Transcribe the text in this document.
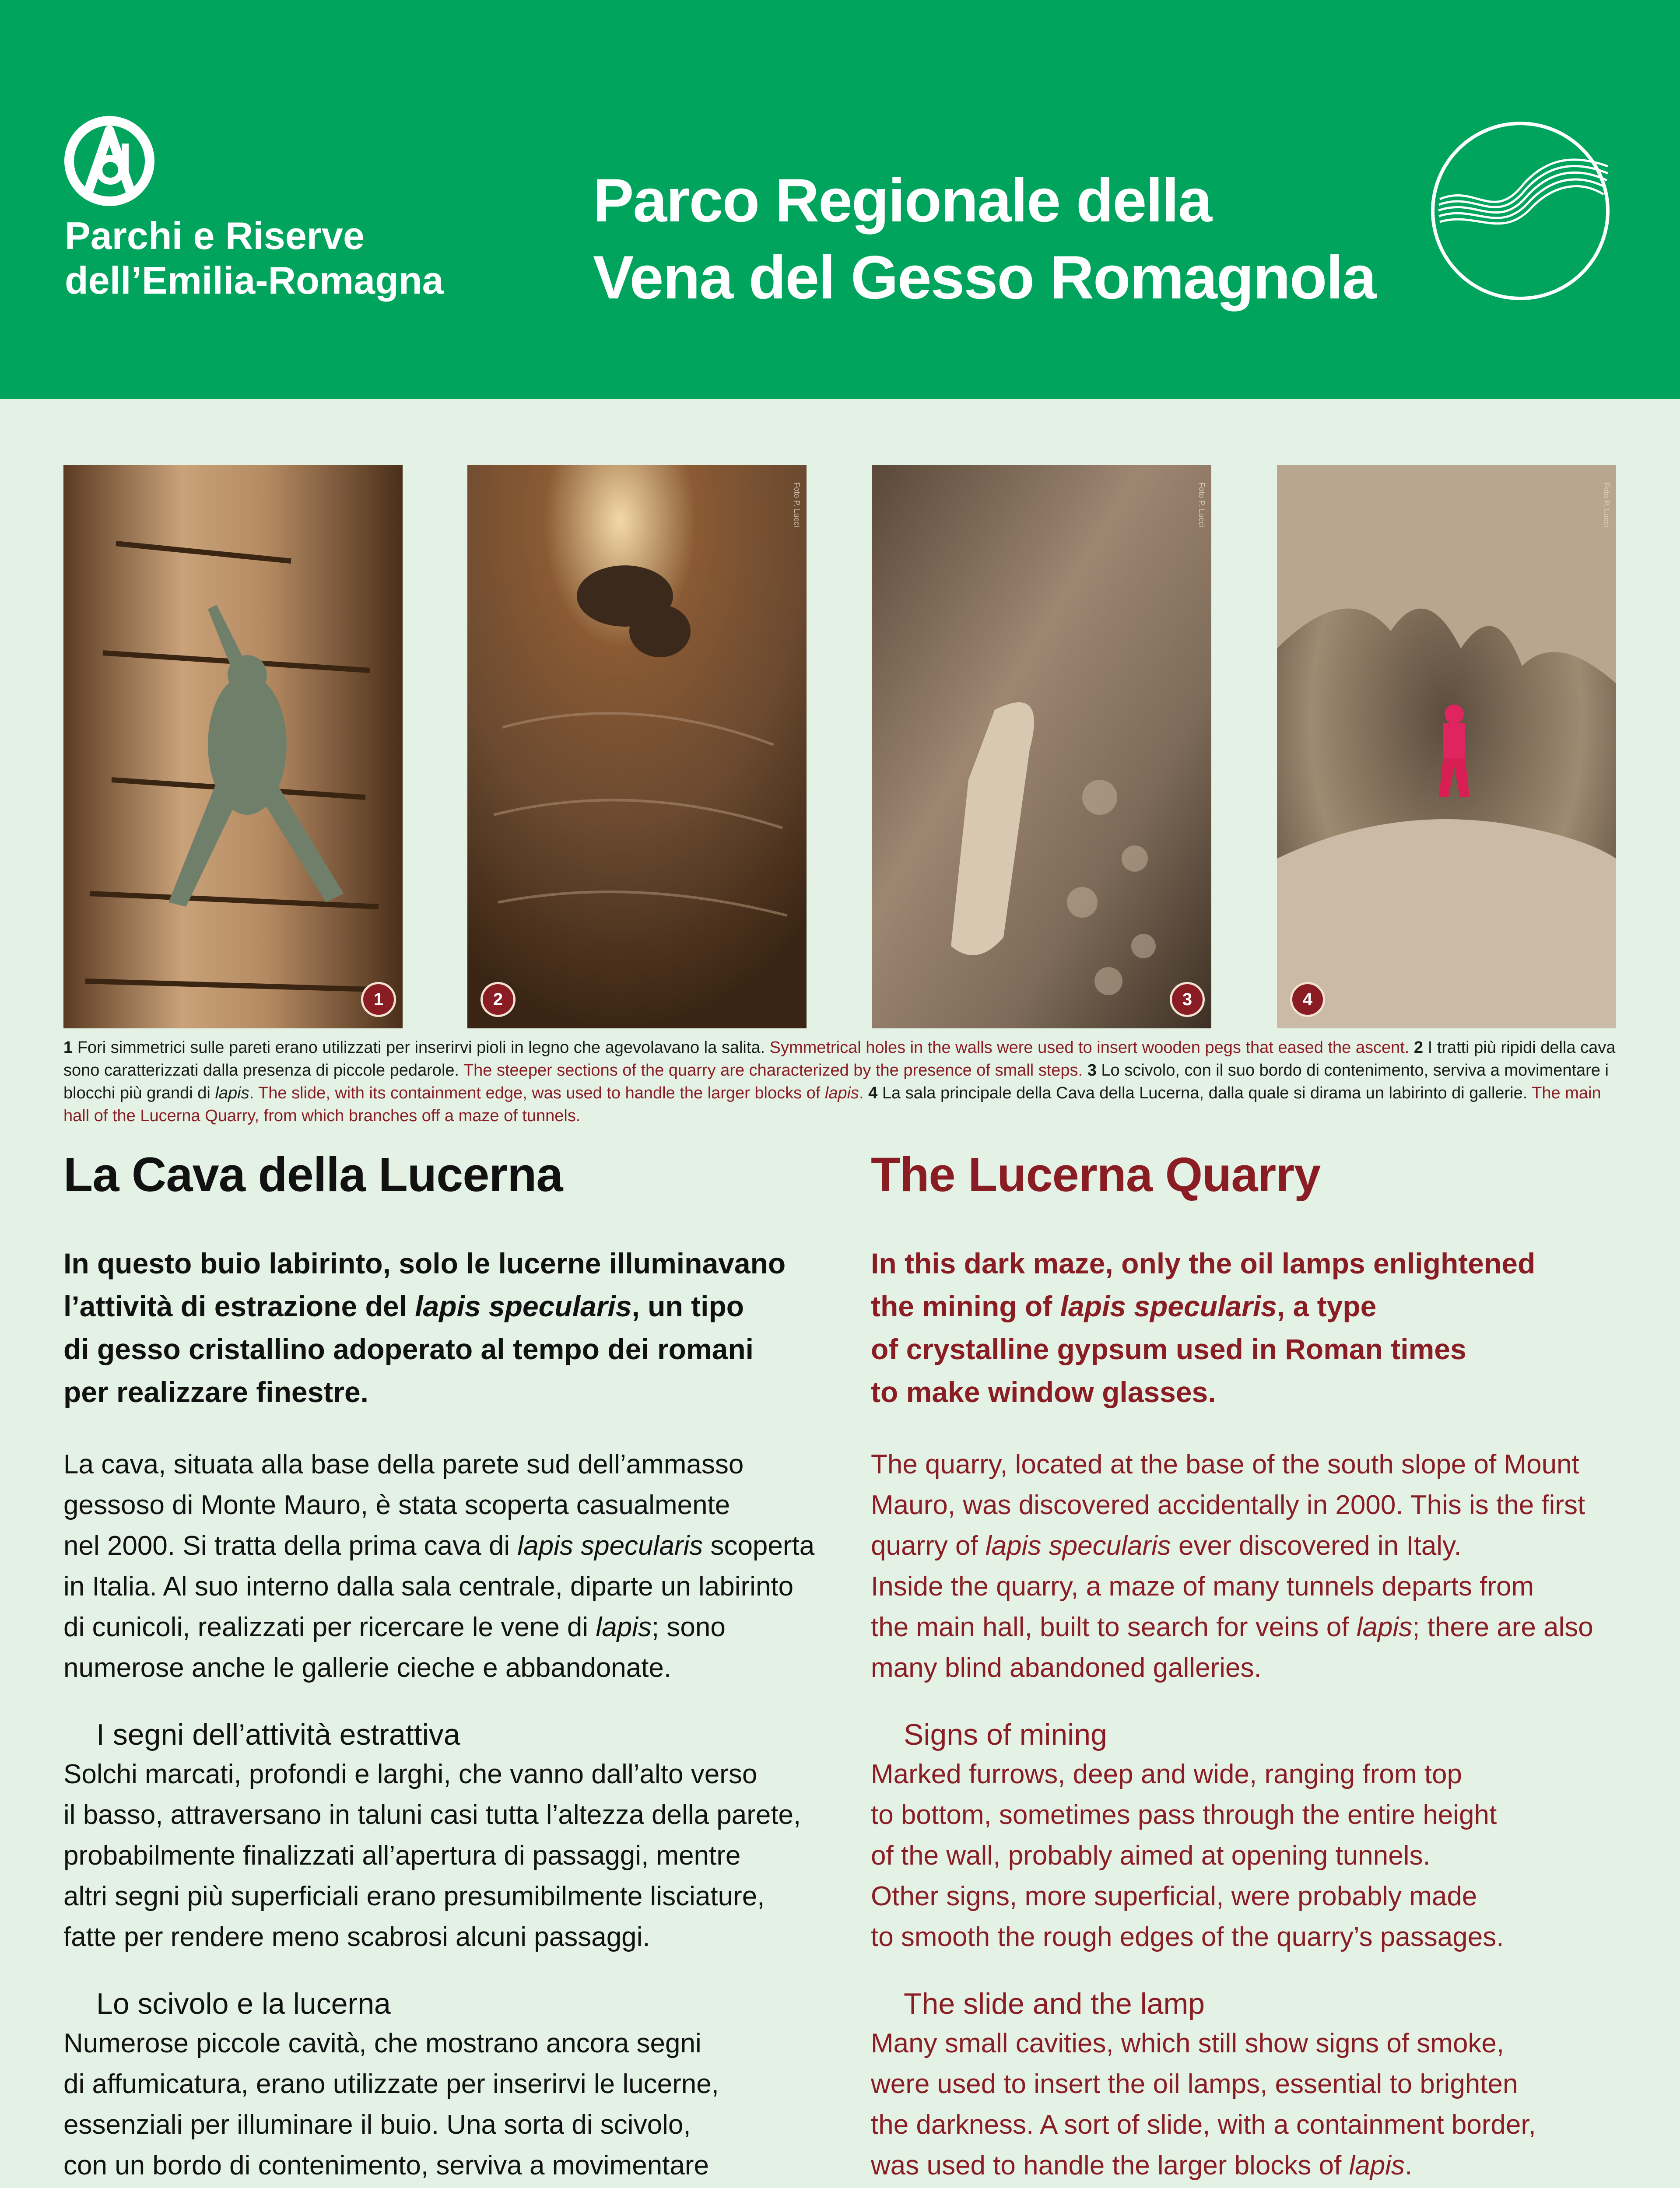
Parchi e Riserve
dell’Emilia-Romagna
Parco Regionale della
Vena del Gesso Romagnola
1
Foto P. Lucci
2
Foto P. Lucci
3
Foto P. Lucci
4
1 Fori simmetrici sulle pareti erano utilizzati per inserirvi pioli in legno che agevolavano la salita. Symmetrical holes in the walls were used to insert wooden pegs that eased the ascent. 2 I tratti più ripidi della cava sono caratterizzati dalla presenza di piccole pedarole. The steeper sections of the quarry are characterized by the presence of small steps. 3 Lo scivolo, con il suo bordo di contenimento, serviva a movimentare i blocchi più grandi di lapis. The slide, with its containment edge, was used to handle the larger blocks of lapis. 4 La sala principale della Cava della Lucerna, dalla quale si dirama un labirinto di gallerie. The main hall of the Lucerna Quarry, from which branches off a maze of tunnels.
La Cava della Lucerna
In questo buio labirinto, solo le lucerne illuminavano
l’attività di estrazione del lapis specularis, un tipo
di gesso cristallino adoperato al tempo dei romani
per realizzare finestre.
La cava, situata alla base della parete sud dell’ammasso
gessoso di Monte Mauro, è stata scoperta casualmente
nel 2000. Si tratta della prima cava di lapis specularis scoperta
in Italia. Al suo interno dalla sala centrale, diparte un labirinto
di cunicoli, realizzati per ricercare le vene di lapis; sono
numerose anche le gallerie cieche e abbandonate.
I segni dell’attività estrattiva
Solchi marcati, profondi e larghi, che vanno dall’alto verso
il basso, attraversano in taluni casi tutta l’altezza della parete,
probabilmente finalizzati all’apertura di passaggi, mentre
altri segni più superficiali erano presumibilmente lisciature,
fatte per rendere meno scabrosi alcuni passaggi.
Lo scivolo e la lucerna
Numerose piccole cavità, che mostrano ancora segni
di affumicatura, erano utilizzate per inserirvi le lucerne,
essenziali per illuminare il buio. Una sorta di scivolo,
con un bordo di contenimento, serviva a movimentare
The Lucerna Quarry
In this dark maze, only the oil lamps enlightened
the mining of lapis specularis, a type
of crystalline gypsum used in Roman times
to make window glasses.
The quarry, located at the base of the south slope of Mount
Mauro, was discovered accidentally in 2000. This is the first
quarry of lapis specularis ever discovered in Italy.
Inside the quarry, a maze of many tunnels departs from
the main hall, built to search for veins of lapis; there are also
many blind abandoned galleries.
Signs of mining
Marked furrows, deep and wide, ranging from top
to bottom, sometimes pass through the entire height
of the wall, probably aimed at opening tunnels.
Other signs, more superficial, were probably made
to smooth the rough edges of the quarry’s passages.
The slide and the lamp
Many small cavities, which still show signs of smoke,
were used to insert the oil lamps, essential to brighten
the darkness. A sort of slide, with a containment border,
was used to handle the larger blocks of lapis.
